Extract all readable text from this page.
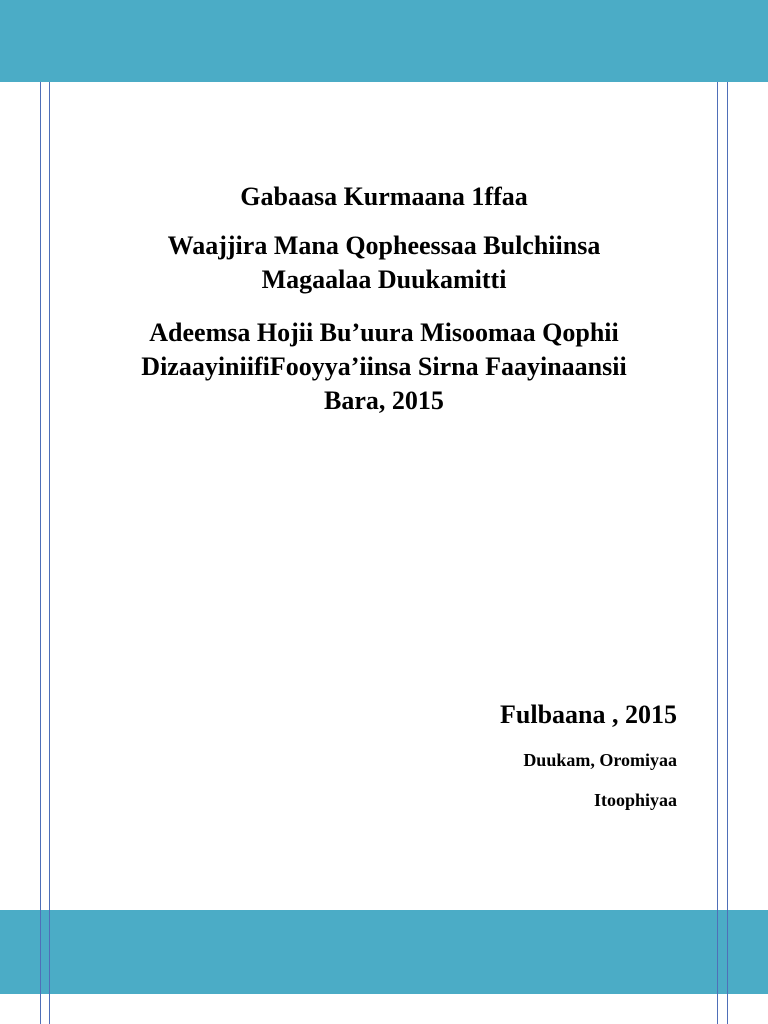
Gabaasa Kurmaana 1ffaa
Waajjira Mana Qopheessaa Bulchiinsa
Magaalaa Duukamitti
Adeemsa Hojii Bu’uura Misoomaa Qophii
DizaayiniifiFooyya’iinsa Sirna Faayinaansii
Bara, 2015
Fulbaana , 2015
Duukam, Oromiyaa
Itoophiyaa
